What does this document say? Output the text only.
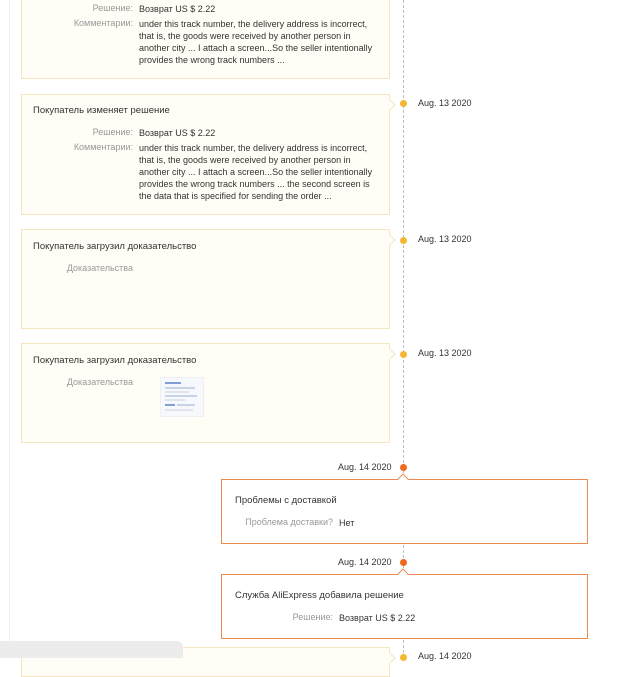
Решение: Возврат US $ 2.22
Комментарии: under this track number, the delivery address is incorrect, that is, the goods were received by another person in another city ... I attach a screen...So the seller intentionally provides the wrong track numbers ...
Aug. 13 2020
Покупатель изменяет решение
Решение: Возврат US $ 2.22
Комментарии: under this track number, the delivery address is incorrect, that is, the goods were received by another person in another city ... I attach a screen...So the seller intentionally provides the wrong track numbers ... the second screen is the data that is specified for sending the order ...
Aug. 13 2020
Покупатель загрузил доказательство
Доказательства
Aug. 13 2020
Покупатель загрузил доказательство
Доказательства
Aug. 14 2020
Проблемы с доставкой
Проблема доставки? Нет
Aug. 14 2020
Служба AliExpress добавила решение
Решение: Возврат US $ 2.22
Aug. 14 2020
